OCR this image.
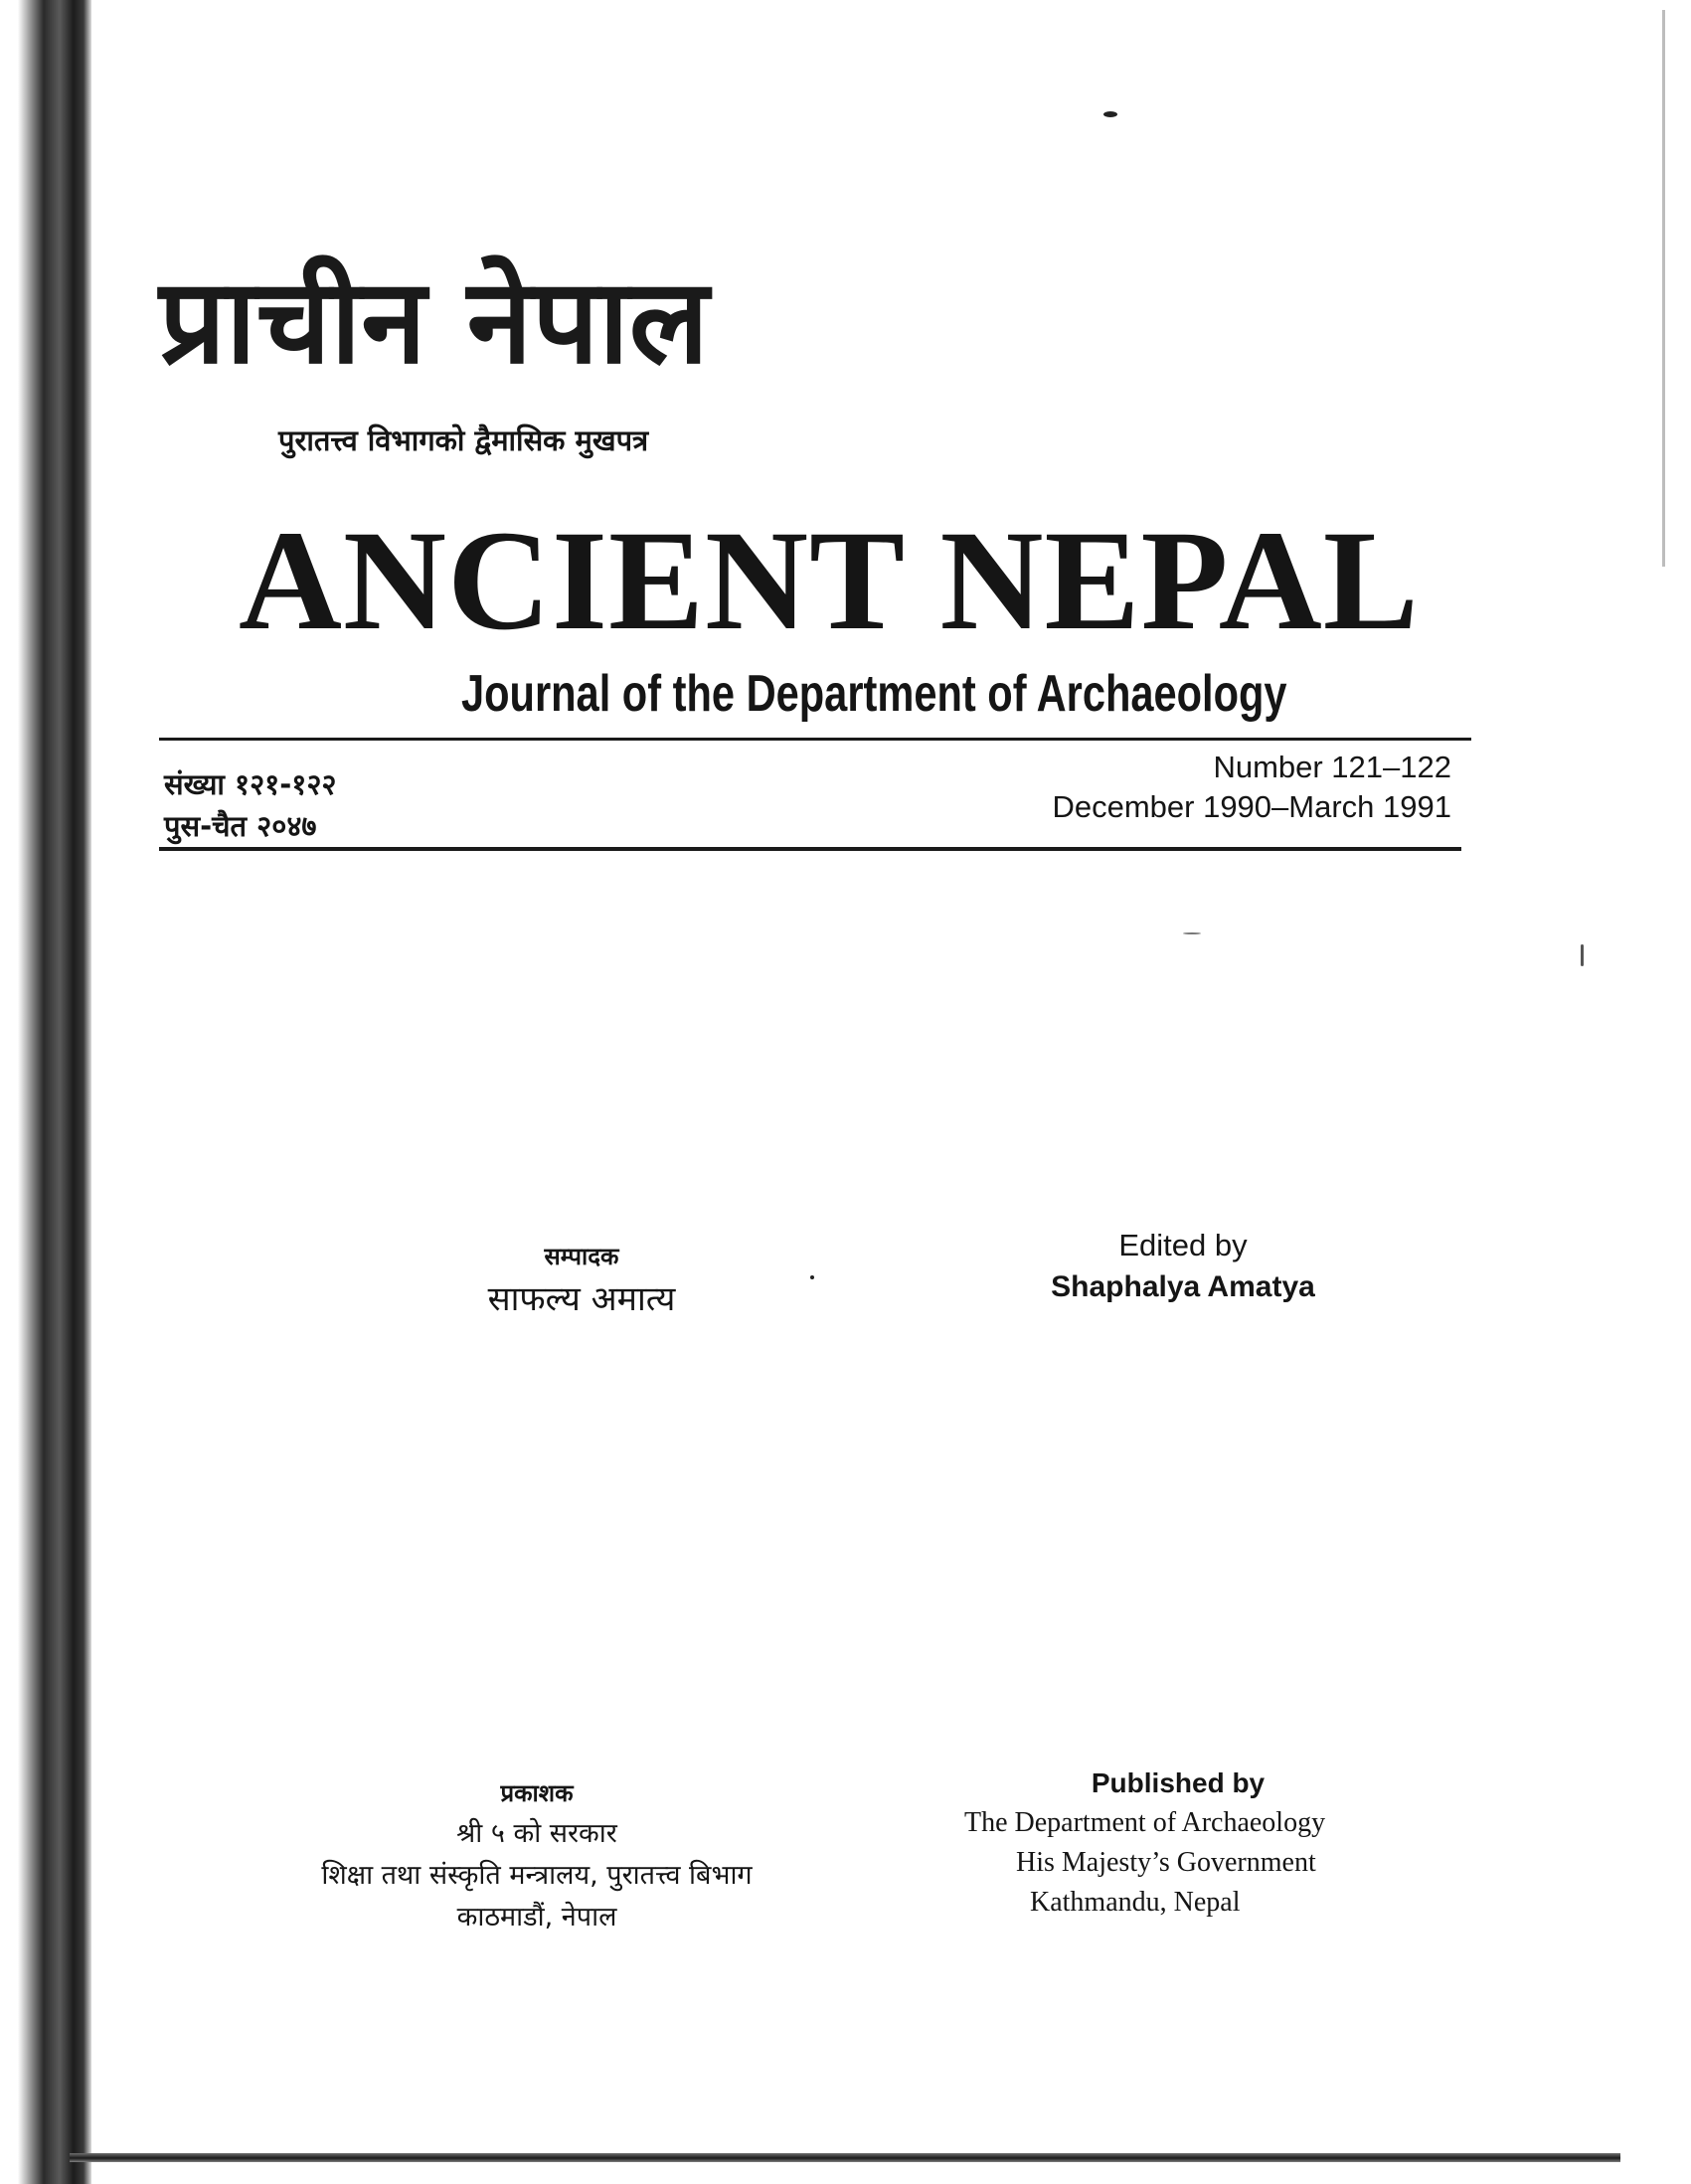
प्राचीन नेपाल
पुरातत्त्व विभागको द्वैमासिक मुखपत्र
ANCIENT NEPAL
Journal of the Department of Archaeology
संख्या १२१-१२२
पुस-चैत २०४७
Number 121–122
December 1990–March 1991
सम्पादक
साफल्य अमात्य
Edited by
Shaphalya Amatya
प्रकाशक
श्री ५ को सरकार
शिक्षा तथा संस्कृति मन्त्रालय, पुरातत्त्व बिभाग
काठमाडौं, नेपाल
Published by
The Department of Archaeology
His Majesty’s Government
Kathmandu, Nepal
